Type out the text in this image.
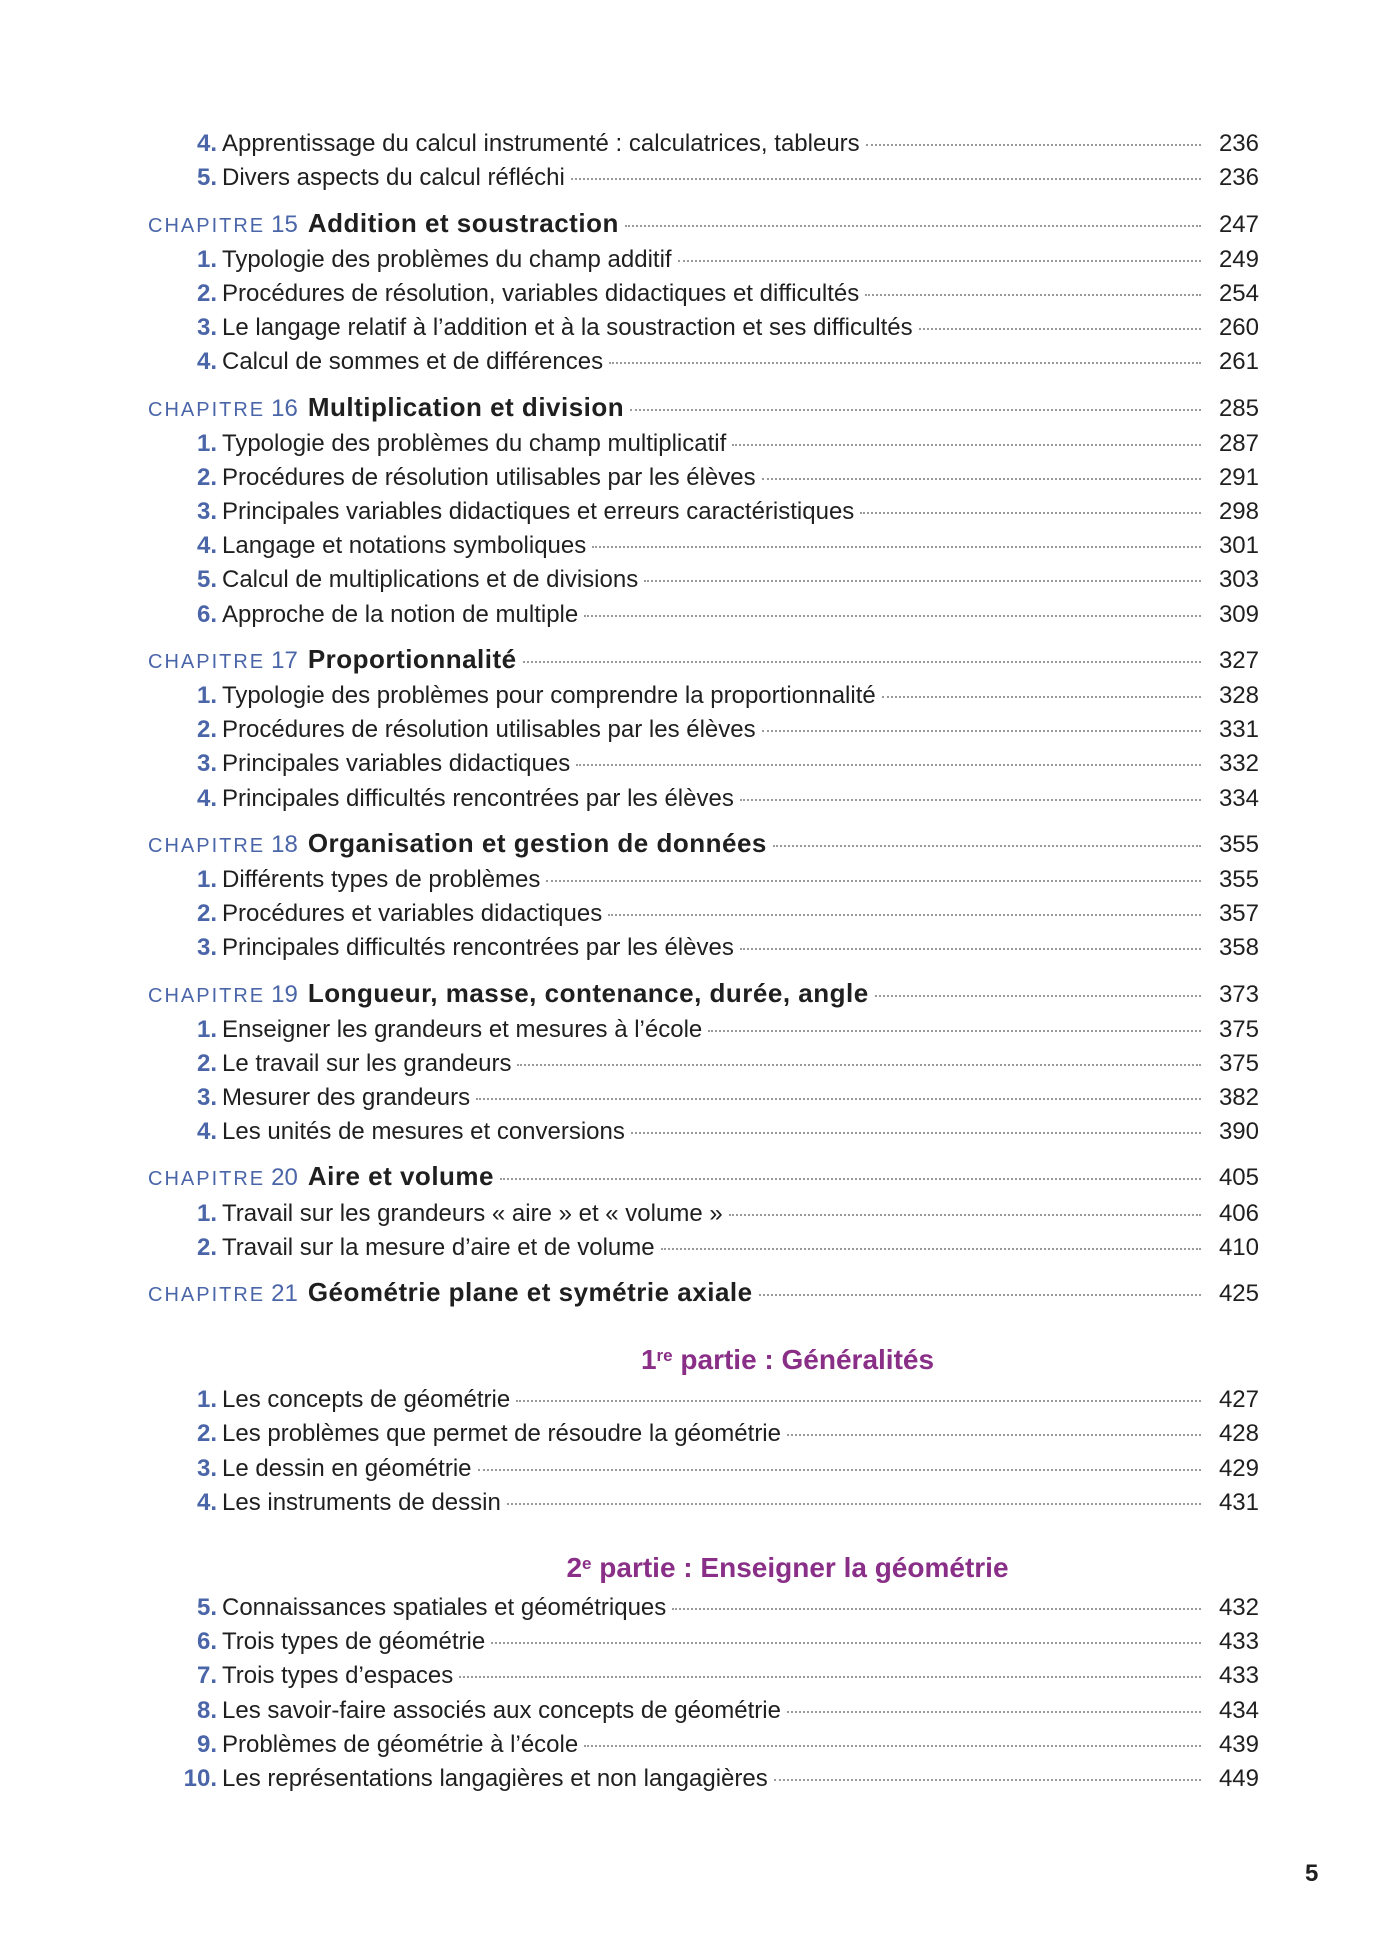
4. Apprentissage du calcul instrumenté : calculatrices, tableurs	236
5. Divers aspects du calcul réfléchi	236
CHAPITRE 15 Addition et soustraction	247
1. Typologie des problèmes du champ additif	249
2. Procédures de résolution, variables didactiques et difficultés	254
3. Le langage relatif à l’addition et à la soustraction et ses difficultés	260
4. Calcul de sommes et de différences	261
CHAPITRE 16 Multiplication et division	285
1. Typologie des problèmes du champ multiplicatif	287
2. Procédures de résolution utilisables par les élèves	291
3. Principales variables didactiques et erreurs caractéristiques	298
4. Langage et notations symboliques	301
5. Calcul de multiplications et de divisions	303
6. Approche de la notion de multiple	309
CHAPITRE 17 Proportionnalité	327
1. Typologie des problèmes pour comprendre la proportionnalité	328
2. Procédures de résolution utilisables par les élèves	331
3. Principales variables didactiques	332
4. Principales difficultés rencontrées par les élèves	334
CHAPITRE 18 Organisation et gestion de données	355
1. Différents types de problèmes	355
2. Procédures et variables didactiques	357
3. Principales difficultés rencontrées par les élèves	358
CHAPITRE 19 Longueur, masse, contenance, durée, angle	373
1. Enseigner les grandeurs et mesures à l’école	375
2. Le travail sur les grandeurs	375
3. Mesurer des grandeurs	382
4. Les unités de mesures et conversions	390
CHAPITRE 20 Aire et volume	405
1. Travail sur les grandeurs « aire » et « volume »	406
2. Travail sur la mesure d’aire et de volume	410
CHAPITRE 21 Géométrie plane et symétrie axiale	425
1re partie : Généralités
1. Les concepts de géométrie	427
2. Les problèmes que permet de résoudre la géométrie	428
3. Le dessin en géométrie	429
4. Les instruments de dessin	431
2e partie : Enseigner la géométrie
5. Connaissances spatiales et géométriques	432
6. Trois types de géométrie	433
7. Trois types d’espaces	433
8. Les savoir-faire associés aux concepts de géométrie	434
9. Problèmes de géométrie à l’école	439
10. Les représentations langagières et non langagières	449
5
